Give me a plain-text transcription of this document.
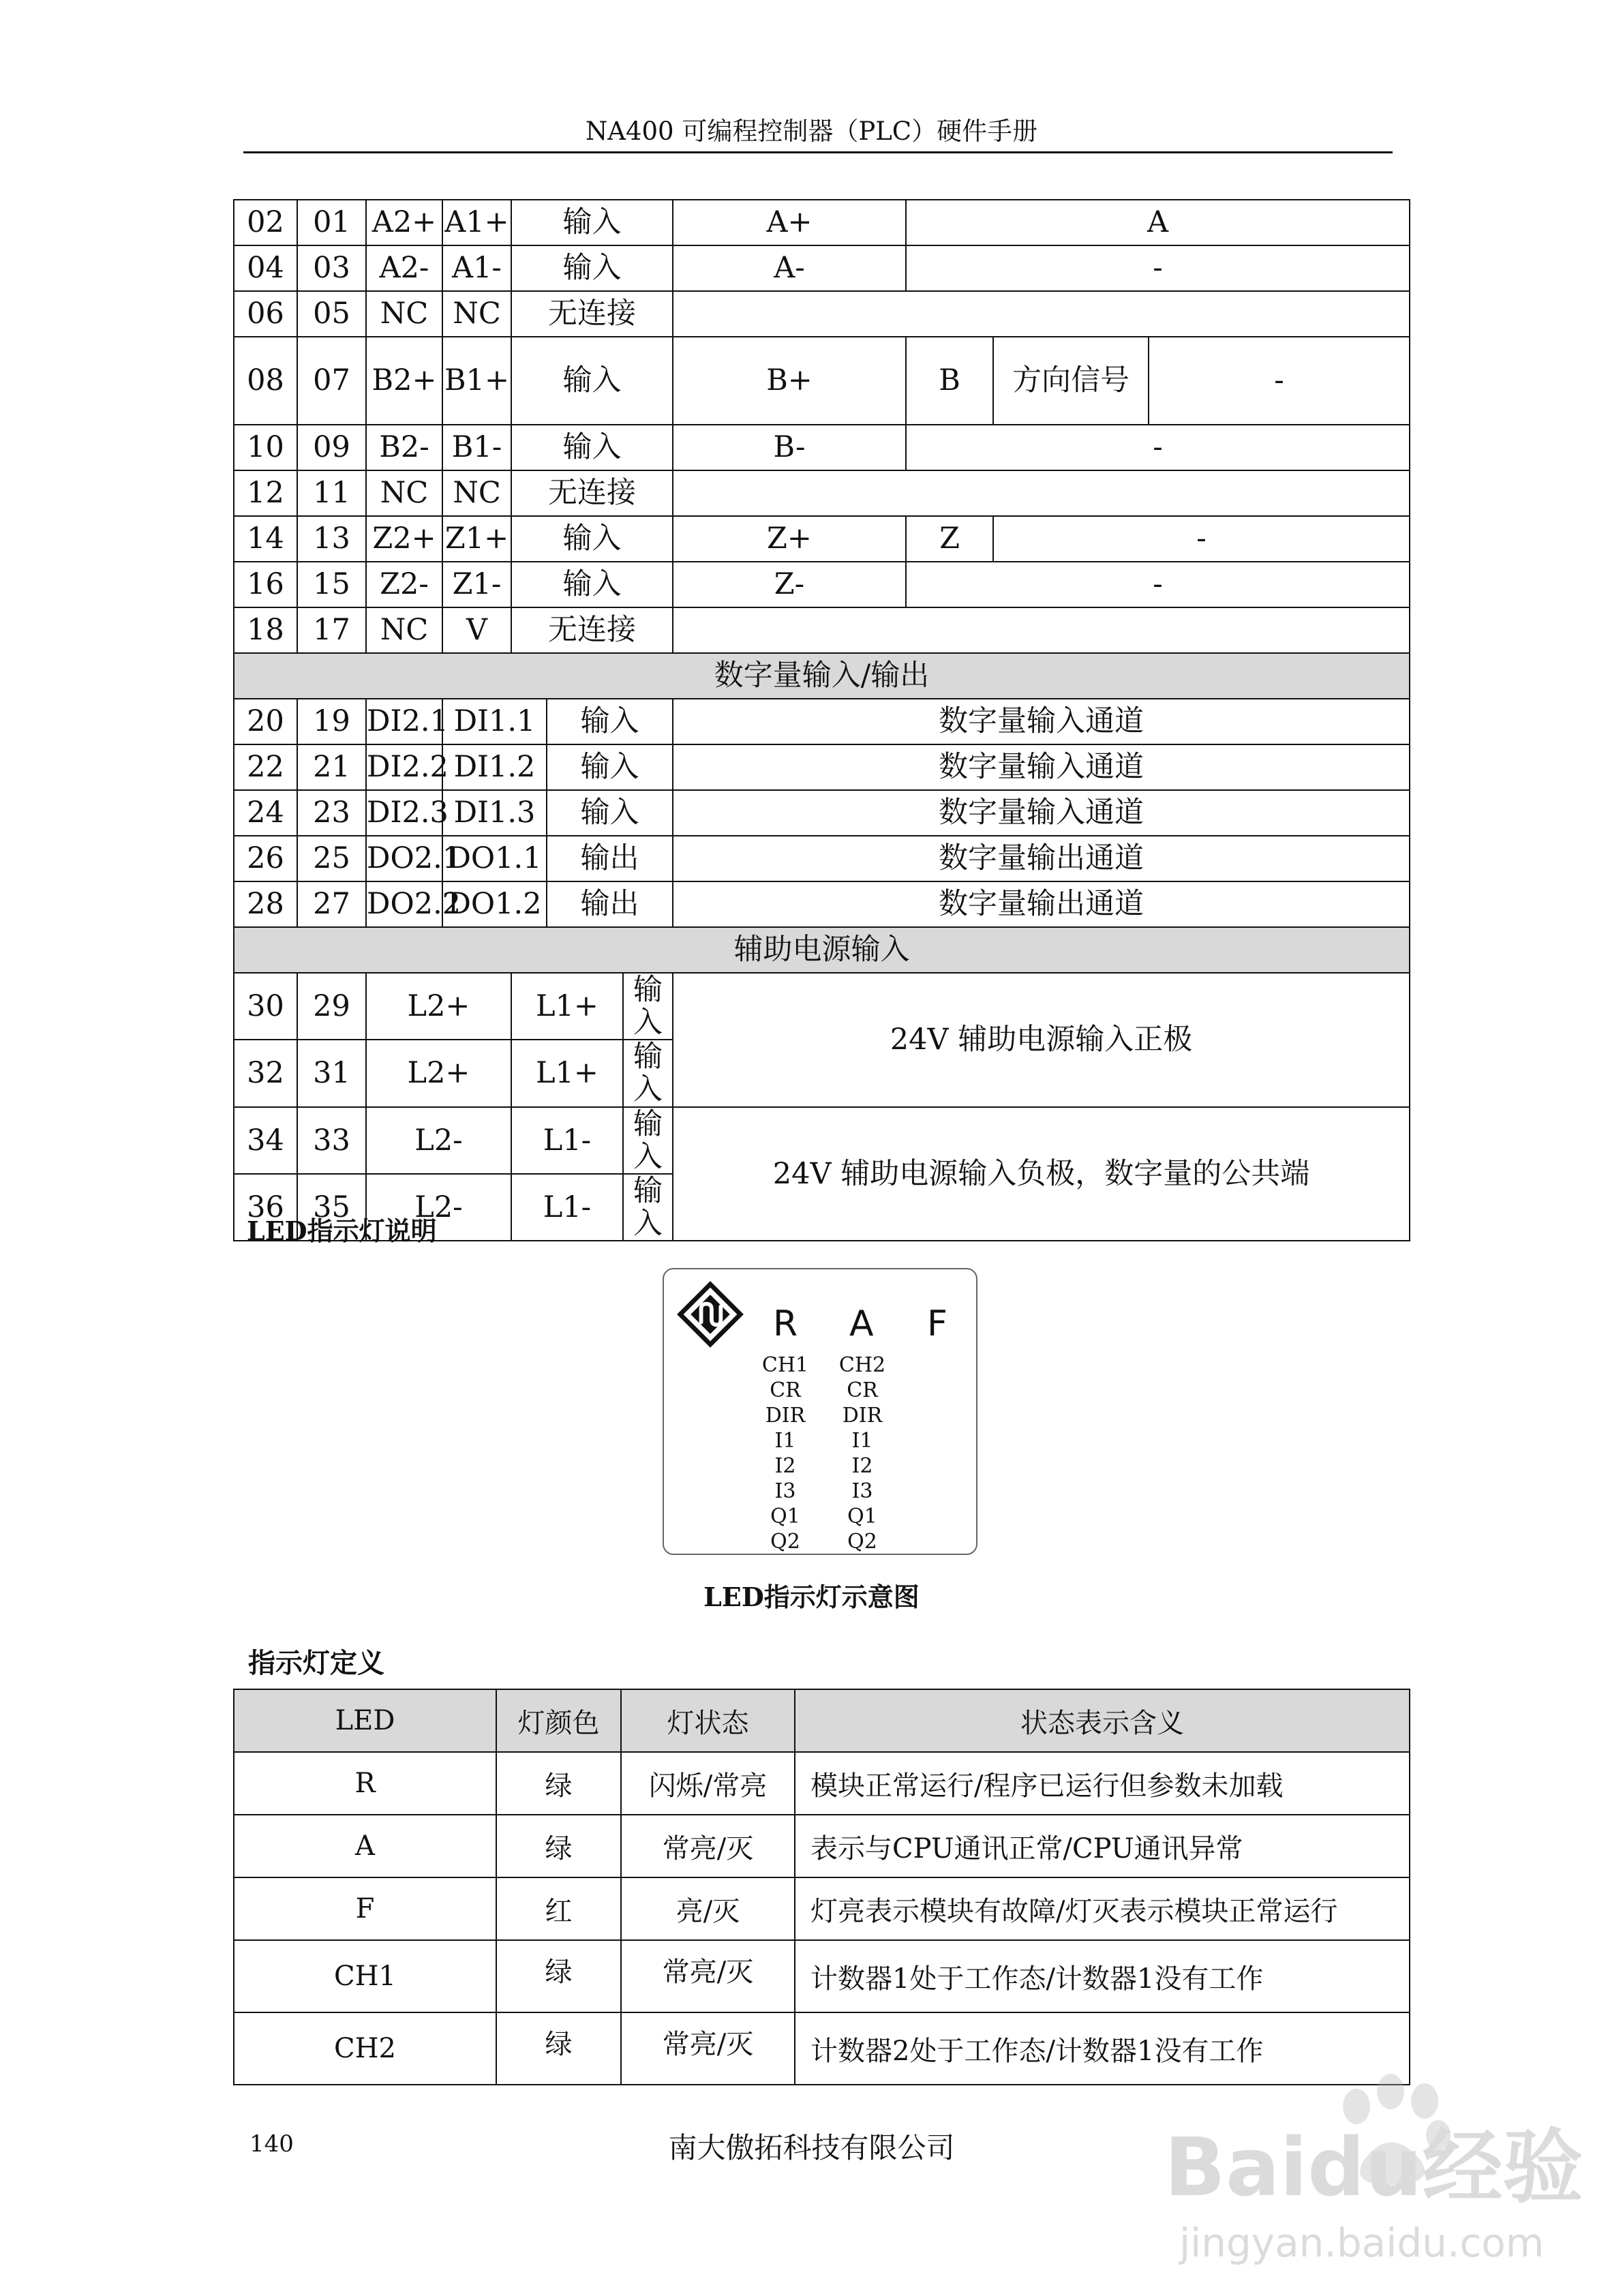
NA400 可编程控制器（PLC）硬件手册
02	01	A2+	A1+	输入			A+	A		
04	03	A2-	A1-	输入			A-	-		
06	05	NC	NC	无连接						
08	07	B2+	B1+	输入			B+	B	方向信号	-
10	09	B2-	B1-	输入			B-	-		
12	11	NC	NC	无连接						
14	13	Z2+	Z1+	输入			Z+	Z	-	
16	15	Z2-	Z1-	输入			Z-	-		
18	17	NC	V	无连接						
数字量输入/输出										
20	19	DI2.1	DI1.1		输入		数字量输入通道			
22	21	DI2.2	DI1.2		输入		数字量输入通道			
24	23	DI2.3	DI1.3		输入		数字量输入通道			
26	25	DO2.1	DO1.1		输出		数字量输出通道			
28	27	DO2.2	DO1.2		输出		数字量输出通道			
辅助电源输入										
30	29	L2+		L1+		输入	24V 辅助电源输入正极			
32	31	L2+		L1+		输入				
34	33	L2-		L1-		输入	24V 辅助电源输入负极，数字量的公共端			
36	35	L2-		L1-		输入				
LED指示灯说明
R A F
CH1
CR
DIR
I1
I2
I3
Q1
Q2
CH2
CR
DIR
I1
I2
I3
Q1
Q2
LED指示灯示意图
指示灯定义
LED	灯颜色	灯状态	状态表示含义
R	绿	闪烁/常亮	模块正常运行/程序已运行但参数未加载
A	绿	常亮/灭	表示与CPU通讯正常/CPU通讯异常
F	红	亮/灭	灯亮表示模块有故障/灯灭表示模块正常运行
CH1	绿	常亮/灭	计数器1处于工作态/计数器1没有工作
CH2	绿	常亮/灭	计数器2处于工作态/计数器1没有工作
140	南大傲拓科技有限公司	Baidu经验
jingyan.baidu.com
